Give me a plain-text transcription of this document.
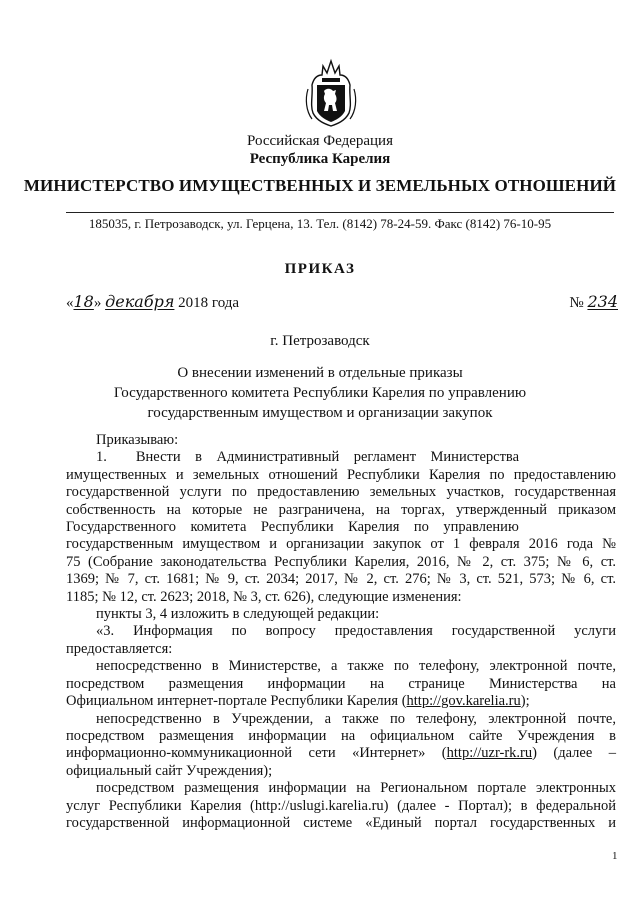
Российская Федерация
Республика Карелия
МИНИСТЕРСТВО ИМУЩЕСТВЕННЫХ И ЗЕМЕЛЬНЫХ ОТНОШЕНИЙ
185035, г. Петрозаводск, ул. Герцена, 13. Тел. (8142) 78-24-59. Факс (8142) 76-10-95
ПРИКАЗ
«18» декабря 2018 года	№ 234
г. Петрозаводск
О внесении изменений в отдельные приказы
Государственного комитета Республики Карелия по управлению
государственным имуществом и организации закупок

Приказываю:

1.  Внести в Административный регламент Министерства

имущественных и земельных отношений Республики Карелия по предоставлению

государственной услуги по предоставлению земельных участков, государственная

собственность на которые не разграничена, на торгах, утвержденный приказом

Государственного комитета Республики Карелия по управлению

государственным имуществом и организации закупок от 1 февраля 2016 года №

75 (Собрание законодательства Республики Карелия, 2016, № 2, ст. 375; № 6, ст.

1369; № 7, ст. 1681; № 9, ст. 2034; 2017, № 2, ст. 276; № 3, ст. 521, 573; № 6, ст.

1185; № 12, ст. 2623; 2018, № 3, ст. 626), следующие изменения:

пункты 3, 4 изложить в следующей редакции:

«3. Информация по вопросу предоставления государственной услуги

предоставляется:

непосредственно в Министерстве, а также по телефону, электронной почте,

посредством размещения информации на странице Министерства на

Официальном интернет-портале Республики Карелия (http://gov.karelia.ru);

непосредственно в Учреждении, а также по телефону, электронной почте,

посредством размещения информации на официальном сайте Учреждения в

информационно-коммуникационной сети «Интернет» (http://uzr-rk.ru) (далее –

официальный сайт Учреждения);

посредством размещения информации на Региональном портале электронных

услуг Республики Карелия (http://uslugi.karelia.ru) (далее - Портал); в федеральной

государственной информационной системе «Единый портал государственных и

1
